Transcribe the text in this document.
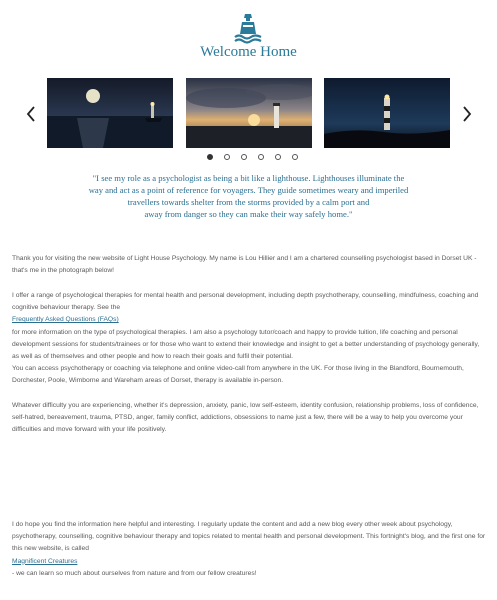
Welcome Home
"I see my role as a psychologist as being a bit like a lighthouse. Lighthouses illuminate the
way and act as a point of reference for voyagers. They guide sometimes weary and imperiled
travellers towards shelter from the storms provided by a calm port and
away from danger so they can make their way safely home."

Thank you for visiting the new website of Light House Psychology. My name is Lou Hillier and I am a chartered counselling psychologist based in Dorset UK - that's me in the photograph below!

I offer a range of psychological therapies for mental health and personal development, including depth psychotherapy, counselling, mindfulness, coaching and cognitive behaviour therapy. See the

Frequently Asked Questions (FAQs)

for more information on the type of psychological therapies. I am also a psychology tutor/coach and happy to provide tuition, life coaching and personal development sessions for students/trainees or for those who want to extend their knowledge and insight to get a better understanding of psychology generally, as well as of themselves and other people and how to reach their goals and fulfil their potential.

You can access psychotherapy or coaching via telephone and online video-call from anywhere in the UK. For those living in the Blandford, Bournemouth, Dorchester, Poole, Wimborne and Wareham areas of Dorset, therapy is available in-person.

Whatever difficulty you are experiencing, whether it's depression, anxiety, panic, low self-esteem, identity confusion, relationship problems, loss of confidence, self-hatred, bereavement, trauma, PTSD, anger, family conflict, addictions, obsessions to name just a few, there will be a way to help you overcome your difficulties and move forward with your life positively.

I do hope you find the information here helpful and interesting. I regularly update the content and add a new blog every other week about psychology, psychotherapy, counselling, cognitive behaviour therapy and topics related to mental health and personal development. This fortnight's blog, and the first one for this new website, is called

Magnificent Creatures

- we can learn so much about ourselves from nature and from our fellow creatures!
